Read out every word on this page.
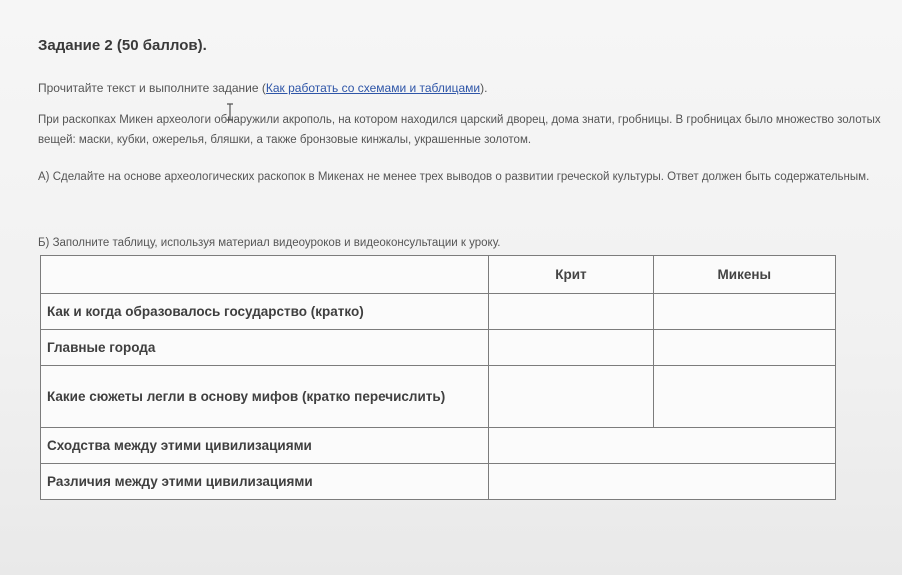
Задание 2 (50 баллов).
Прочитайте текст и выполните задание (Как работать со схемами и таблицами).
При раскопках Микен археологи обнаружили акрополь, на котором находился царский дворец, дома знати, гробницы. В гробницах было множество золотых вещей: маски, кубки, ожерелья, бляшки, а также бронзовые кинжалы, украшенные золотом.
А) Сделайте на основе археологических раскопок в Микенах не менее трех выводов о развитии греческой культуры. Ответ должен быть содержательным.
Б) Заполните таблицу, используя материал видеоуроков и видеоконсультации к уроку.
	Крит	Микены
Как и когда образовалось государство (кратко)		
Главные города		
Какие сюжеты легли в основу мифов (кратко перечислить)		
Сходства между этими цивилизациями		
Различия между этими цивилизациями		
